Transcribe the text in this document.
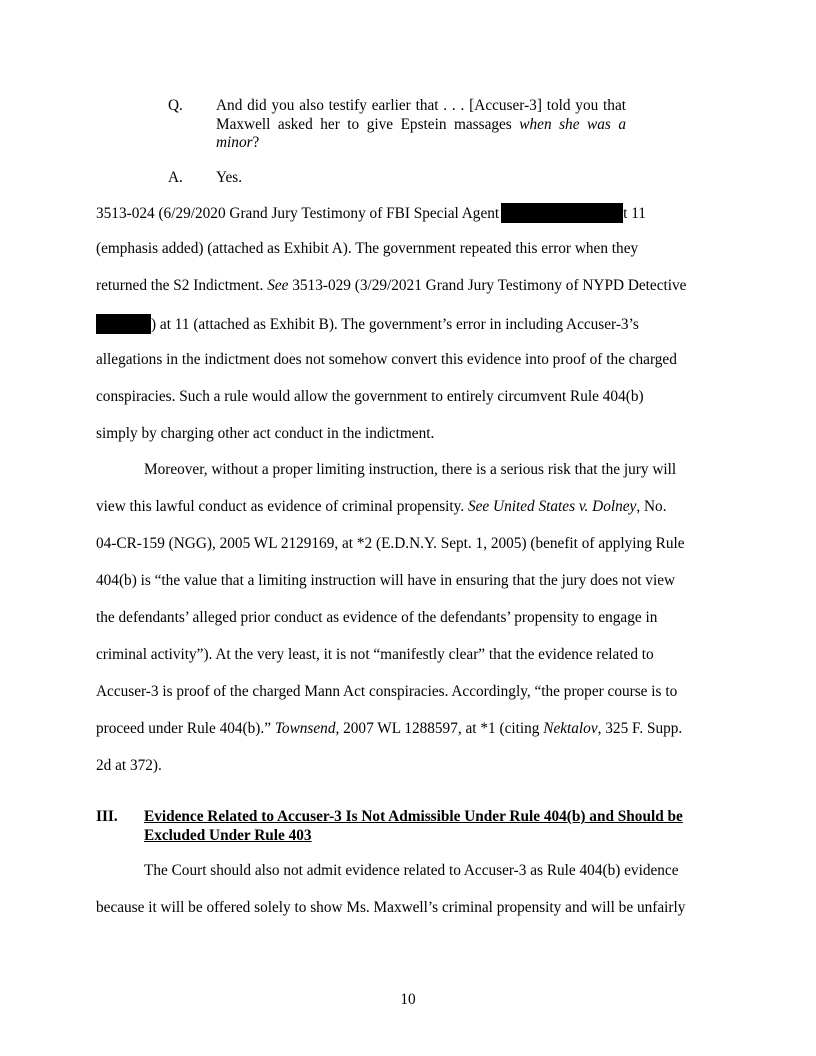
Q. And did you also testify earlier that . . . [Accuser-3] told you that Maxwell asked her to give Epstein massages when she was a minor?
A. Yes.
3513-024 (6/29/2020 Grand Jury Testimony of FBI Special Agent	t 11
(emphasis added) (attached as Exhibit A). The government repeated this error when they
returned the S2 Indictment. See 3513-029 (3/29/2021 Grand Jury Testimony of NYPD Detective
) at 11 (attached as Exhibit B). The government’s error in including Accuser-3’s
allegations in the indictment does not somehow convert this evidence into proof of the charged
conspiracies. Such a rule would allow the government to entirely circumvent Rule 404(b)
simply by charging other act conduct in the indictment.
Moreover, without a proper limiting instruction, there is a serious risk that the jury will
view this lawful conduct as evidence of criminal propensity. See United States v. Dolney, No.
04-CR-159 (NGG), 2005 WL 2129169, at *2 (E.D.N.Y. Sept. 1, 2005) (benefit of applying Rule
404(b) is “the value that a limiting instruction will have in ensuring that the jury does not view
the defendants’ alleged prior conduct as evidence of the defendants’ propensity to engage in
criminal activity”). At the very least, it is not “manifestly clear” that the evidence related to
Accuser-3 is proof of the charged Mann Act conspiracies. Accordingly, “the proper course is to
proceed under Rule 404(b).” Townsend, 2007 WL 1288597, at *1 (citing Nektalov, 325 F. Supp.
2d at 372).
III. Evidence Related to Accuser-3 Is Not Admissible Under Rule 404(b) and Should be Excluded Under Rule 403
The Court should also not admit evidence related to Accuser-3 as Rule 404(b) evidence
because it will be offered solely to show Ms. Maxwell’s criminal propensity and will be unfairly
10
